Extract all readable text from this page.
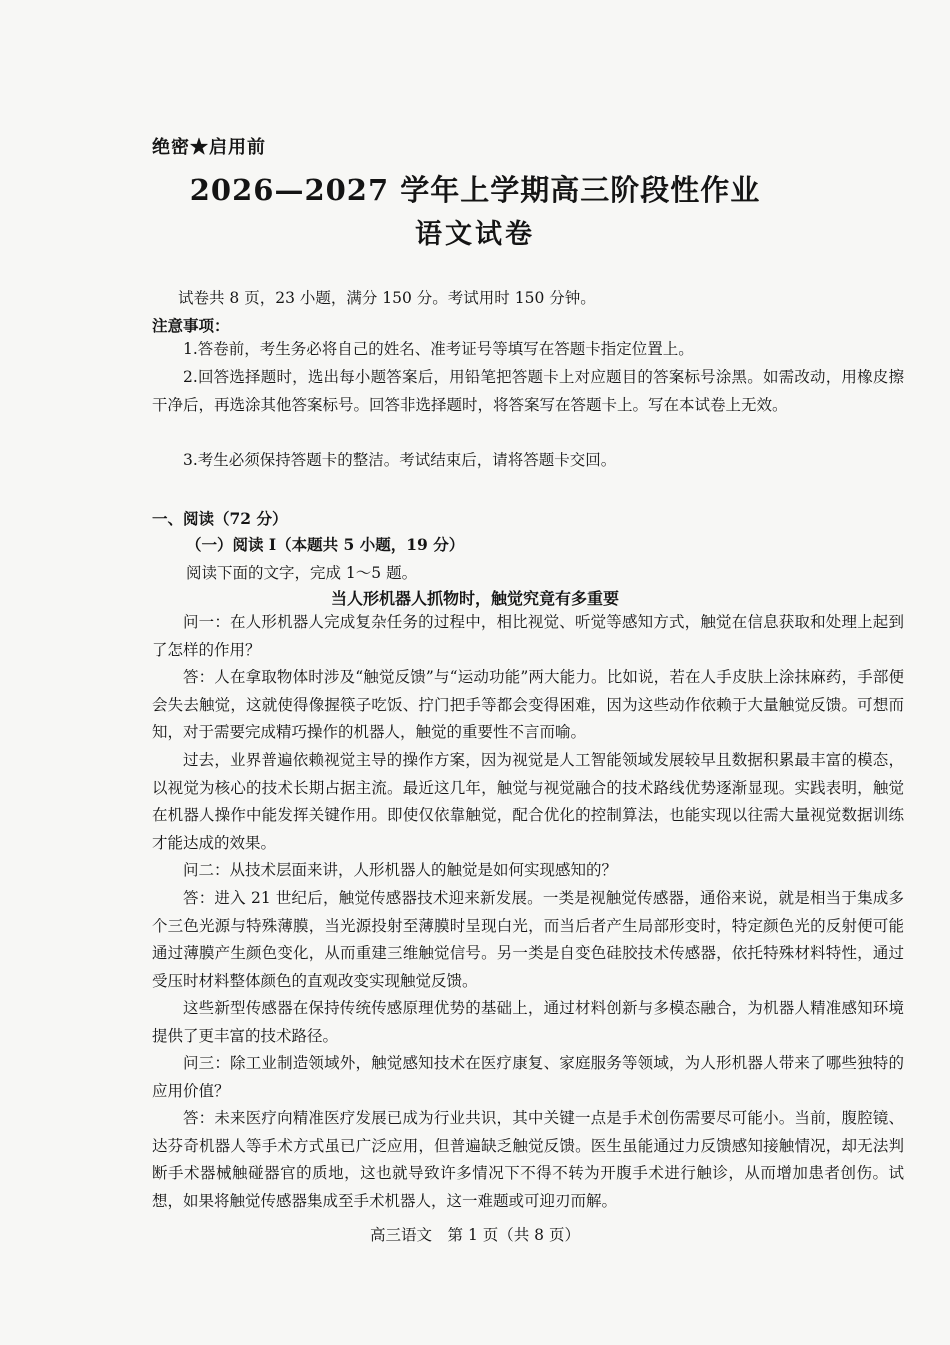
绝密★启用前
2026—2027 学年上学期高三阶段性作业
语文试卷
试卷共 8 页，23 小题，满分 150 分。考试用时 150 分钟。
注意事项：
1.答卷前，考生务必将自己的姓名、准考证号等填写在答题卡指定位置上。
2.回答选择题时，选出每小题答案后，用铅笔把答题卡上对应题目的答案标号涂黑。如需改动，用橡皮擦干净后，再选涂其他答案标号。回答非选择题时，将答案写在答题卡上。写在本试卷上无效。
3.考生必须保持答题卡的整洁。考试结束后，请将答题卡交回。
一、阅读（72 分）
（一）阅读 Ⅰ（本题共 5 小题，19 分）
阅读下面的文字，完成 1～5 题。
当人形机器人抓物时，触觉究竟有多重要
问一：在人形机器人完成复杂任务的过程中，相比视觉、听觉等感知方式，触觉在信息获取和处理上起到了怎样的作用？
答：人在拿取物体时涉及“触觉反馈”与“运动功能”两大能力。比如说，若在人手皮肤上涂抹麻药，手部便会失去触觉，这就使得像握筷子吃饭、拧门把手等都会变得困难，因为这些动作依赖于大量触觉反馈。可想而知，对于需要完成精巧操作的机器人，触觉的重要性不言而喻。
过去，业界普遍依赖视觉主导的操作方案，因为视觉是人工智能领域发展较早且数据积累最丰富的模态，以视觉为核心的技术长期占据主流。最近这几年，触觉与视觉融合的技术路线优势逐渐显现。实践表明，触觉在机器人操作中能发挥关键作用。即使仅依靠触觉，配合优化的控制算法，也能实现以往需大量视觉数据训练才能达成的效果。
问二：从技术层面来讲，人形机器人的触觉是如何实现感知的？
答：进入 21 世纪后，触觉传感器技术迎来新发展。一类是视触觉传感器，通俗来说，就是相当于集成多个三色光源与特殊薄膜，当光源投射至薄膜时呈现白光，而当后者产生局部形变时，特定颜色光的反射便可能通过薄膜产生颜色变化，从而重建三维触觉信号。另一类是自变色硅胶技术传感器，依托特殊材料特性，通过受压时材料整体颜色的直观改变实现触觉反馈。
这些新型传感器在保持传统传感原理优势的基础上，通过材料创新与多模态融合，为机器人精准感知环境提供了更丰富的技术路径。
问三：除工业制造领域外，触觉感知技术在医疗康复、家庭服务等领域，为人形机器人带来了哪些独特的应用价值？
答：未来医疗向精准医疗发展已成为行业共识，其中关键一点是手术创伤需要尽可能小。当前，腹腔镜、达芬奇机器人等手术方式虽已广泛应用，但普遍缺乏触觉反馈。医生虽能通过力反馈感知接触情况，却无法判断手术器械触碰器官的质地，这也就导致许多情况下不得不转为开腹手术进行触诊，从而增加患者创伤。试想，如果将触觉传感器集成至手术机器人，这一难题或可迎刃而解。
高三语文　第 1 页（共 8 页）
